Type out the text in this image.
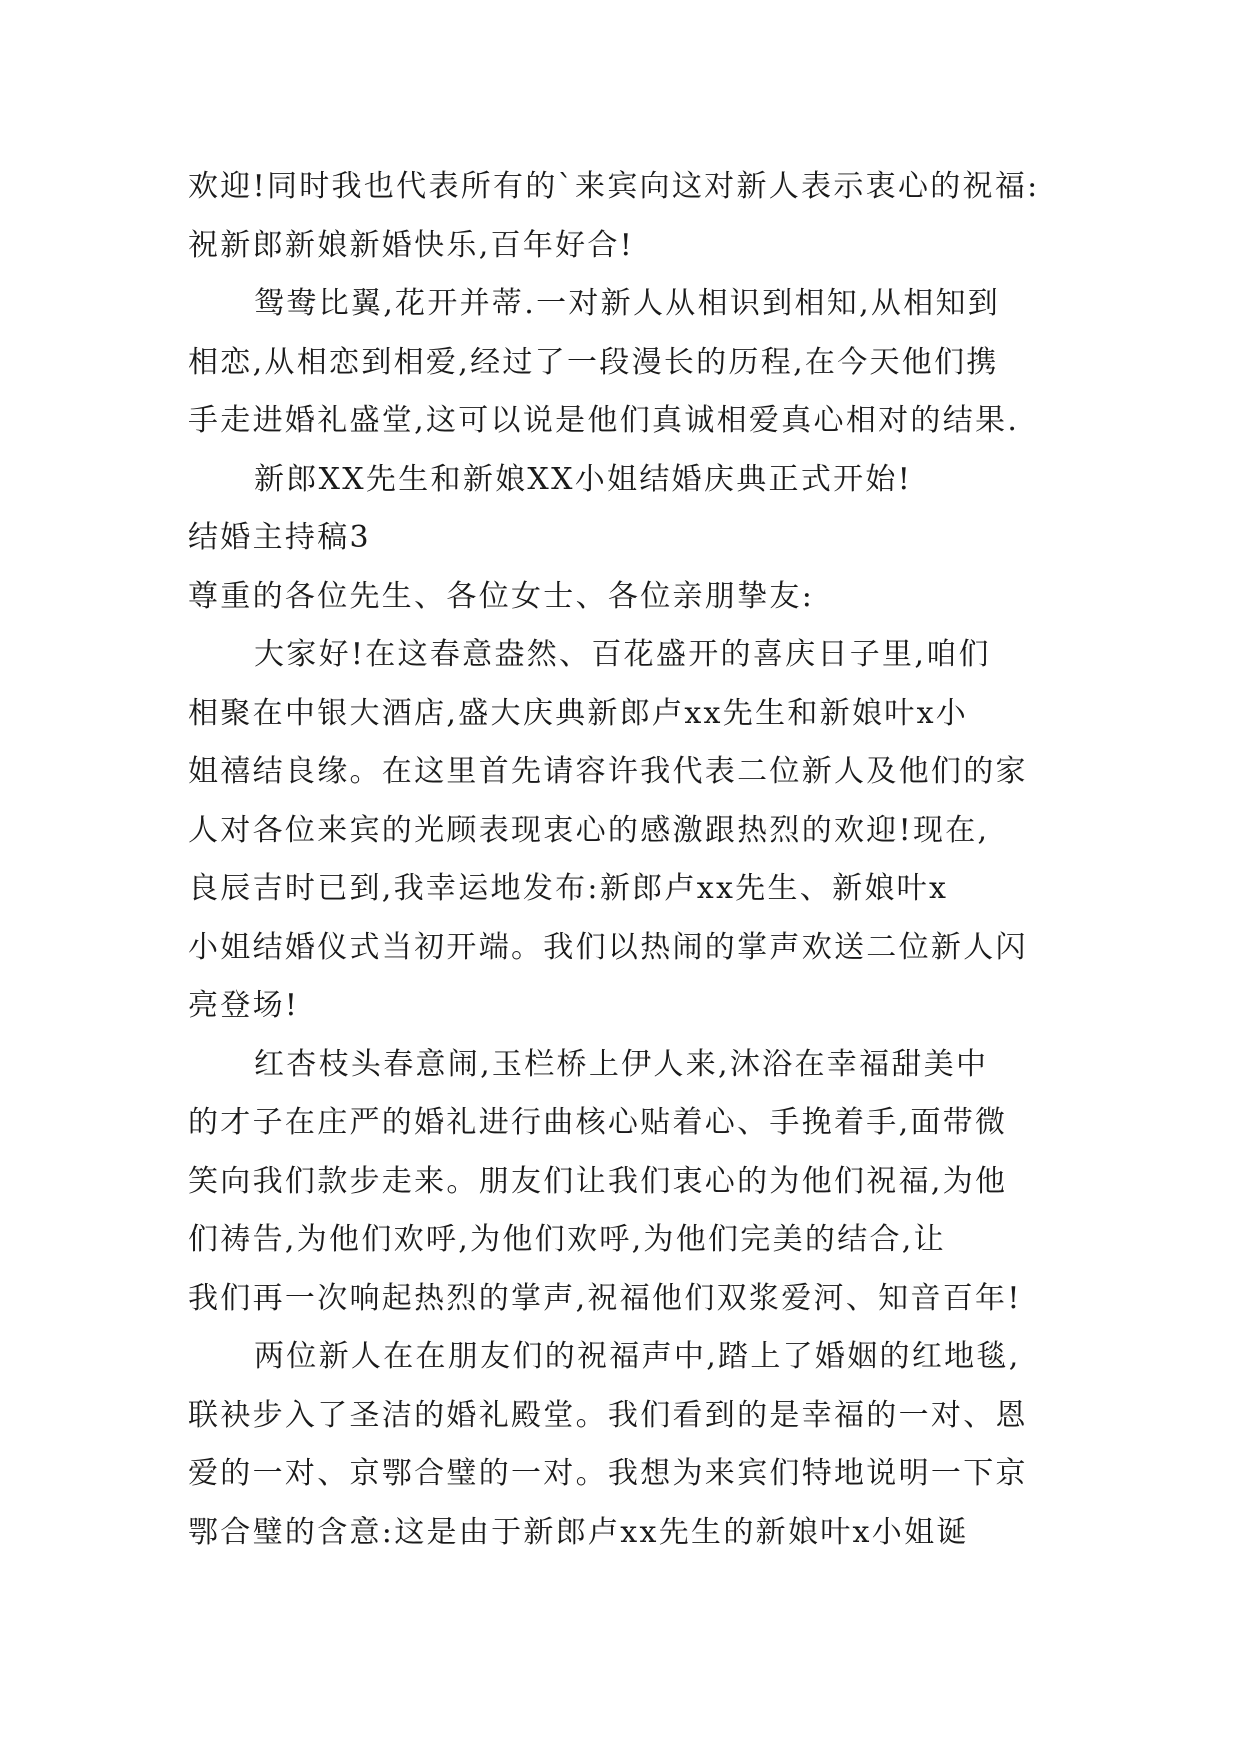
欢迎!同时我也代表所有的`来宾向这对新人表示衷心的祝福:
祝新郎新娘新婚快乐,百年好合!
鸳鸯比翼,花开并蒂.一对新人从相识到相知,从相知到
相恋,从相恋到相爱,经过了一段漫长的历程,在今天他们携
手走进婚礼盛堂,这可以说是他们真诚相爱真心相对的结果.
新郎XX先生和新娘XX小姐结婚庆典正式开始!
结婚主持稿3
尊重的各位先生、各位女士、各位亲朋挚友:
大家好!在这春意盎然、百花盛开的喜庆日子里,咱们
相聚在中银大酒店,盛大庆典新郎卢xx先生和新娘叶x小
姐禧结良缘。在这里首先请容许我代表二位新人及他们的家
人对各位来宾的光顾表现衷心的感激跟热烈的欢迎!现在,
良辰吉时已到,我幸运地发布:新郎卢xx先生、新娘叶x
小姐结婚仪式当初开端。我们以热闹的掌声欢送二位新人闪
亮登场!
红杏枝头春意闹,玉栏桥上伊人来,沐浴在幸福甜美中
的才子在庄严的婚礼进行曲核心贴着心、手挽着手,面带微
笑向我们款步走来。朋友们让我们衷心的为他们祝福,为他
们祷告,为他们欢呼,为他们欢呼,为他们完美的结合,让
我们再一次响起热烈的掌声,祝福他们双浆爱河、知音百年!
两位新人在在朋友们的祝福声中,踏上了婚姻的红地毯,
联袂步入了圣洁的婚礼殿堂。我们看到的是幸福的一对、恩
爱的一对、京鄂合璧的一对。我想为来宾们特地说明一下京
鄂合璧的含意:这是由于新郎卢xx先生的新娘叶x小姐诞
